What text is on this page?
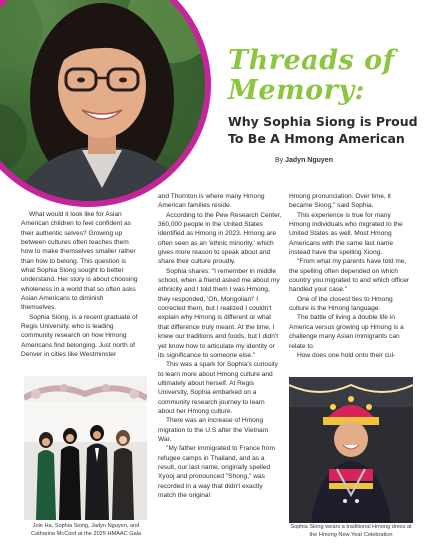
Threads of
Memory:
Why Sophia Siong is Proud To Be A Hmong American
By Jadyn Nguyen

What would it look like for Asian American children to feel confident as their authentic selves? Growing up between cultures often teaches them how to make themselves smaller rather than how to belong. This question is what Sophia Siong sought to better understand. Her story is about choosing wholeness in a world that so often asks Asian Americans to diminish themselves.

Sophia Siong, is a recent graduate of Regis University, who is leading community research on how Hmong Americans find belonging. Just north of Denver in cities like Westminster

and Thornton is where many Hmong American families reside.

According to the Pew Research Center, 360,000 people in the United States identified as Hmong in 2023. Hmong are often seen as an 'ethnic minority,' which gives more reason to speak about and share their culture proudly.

Sophia shares: "I remember in middle school, when a friend asked me about my ethnicity and I told them I was Hmong, they responded, 'Oh, Mongolian!' I corrected them, but I realized I couldn't explain why Hmong is different or what that difference truly meant. At the time, I knew our traditions and foods, but I didn't yet know how to articulate my identity or its significance to someone else."

This was a spark for Sophia's curiosity to learn more about Hmong culture and ultimately about herself. At Regis University, Sophia embarked on a community research journey to learn about her Hmong culture.

There was an increase of Hmong migration to the U.S after the Vietnam War.

"My father immigrated to France from refugee camps in Thailand, and as a result, our last name, originally spelled Xyooj and pronounced "Shong," was recorded in a way that didn't exactly match the original

Hmong pronunciation. Over time, it became Siong," said Sophia.

This experience is true for many Hmong individuals who migrated to the United States as well. Most Hmong Americans with the same last name instead have the spelling Xiong.

"From what my parents have told me, the spelling often depended on which country you migrated to and which officer handled your case."

One of the closest ties to Hmong culture is the Hmong language.

The battle of living a double life in America versus growing up Hmong is a challenge many Asian immigrants can relate to.

How does one hold onto their cul-

Joie Ha, Sophia Siong, Jadyn Nguyen, and Catharine McCord at the 2025 HMAAC Gala
Sophia Siong wears a traditional Hmong dress at the Hmong New Year Celebration
